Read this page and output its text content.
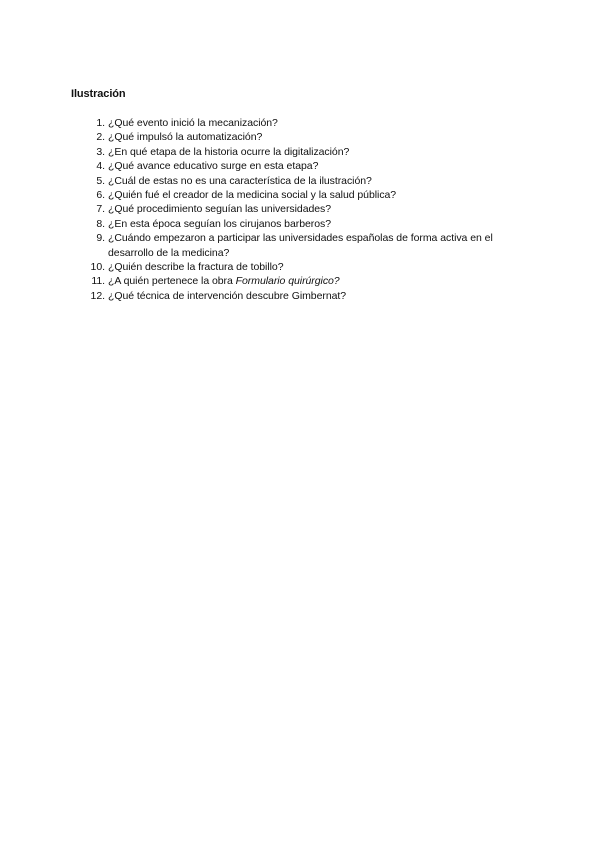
Ilustración
1. ¿Qué evento inició la mecanización?
2. ¿Qué impulsó la automatización?
3. ¿En qué etapa de la historia ocurre la digitalización?
4. ¿Qué avance educativo surge en esta etapa?
5. ¿Cuál de estas no es una característica de la ilustración?
6. ¿Quién fué el creador de la medicina social y la salud pública?
7. ¿Qué procedimiento seguían las universidades?
8. ¿En esta época seguían los cirujanos barberos?
9. ¿Cuándo empezaron a participar las universidades españolas de forma activa en el desarrollo de la medicina?
10. ¿Quién describe la fractura de tobillo?
11. ¿A quién pertenece la obra Formulario quirúrgico?
12. ¿Qué técnica de intervención descubre Gimbernat?
